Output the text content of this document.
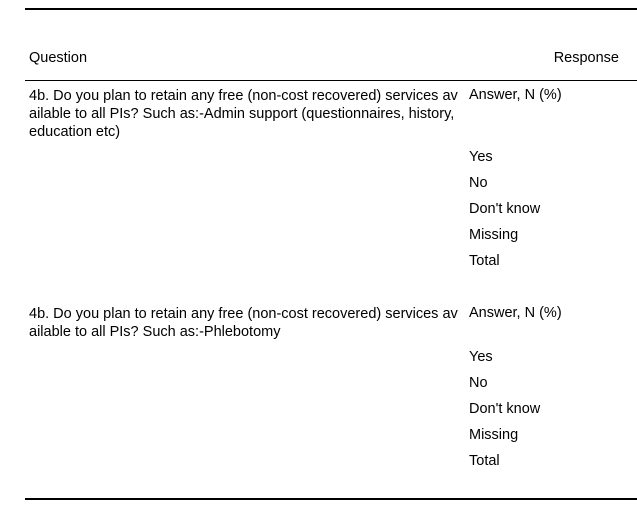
Question	Response
4b. Do you plan to retain any free (non-cost recovered) services available to all PIs? Such as:-Admin support (questionnaires, history, education etc)
Answer, N (%)
Yes
No
Don't know
Missing
Total
4b. Do you plan to retain any free (non-cost recovered) services available to all PIs? Such as:-Phlebotomy
Answer, N (%)
Yes
No
Don't know
Missing
Total
